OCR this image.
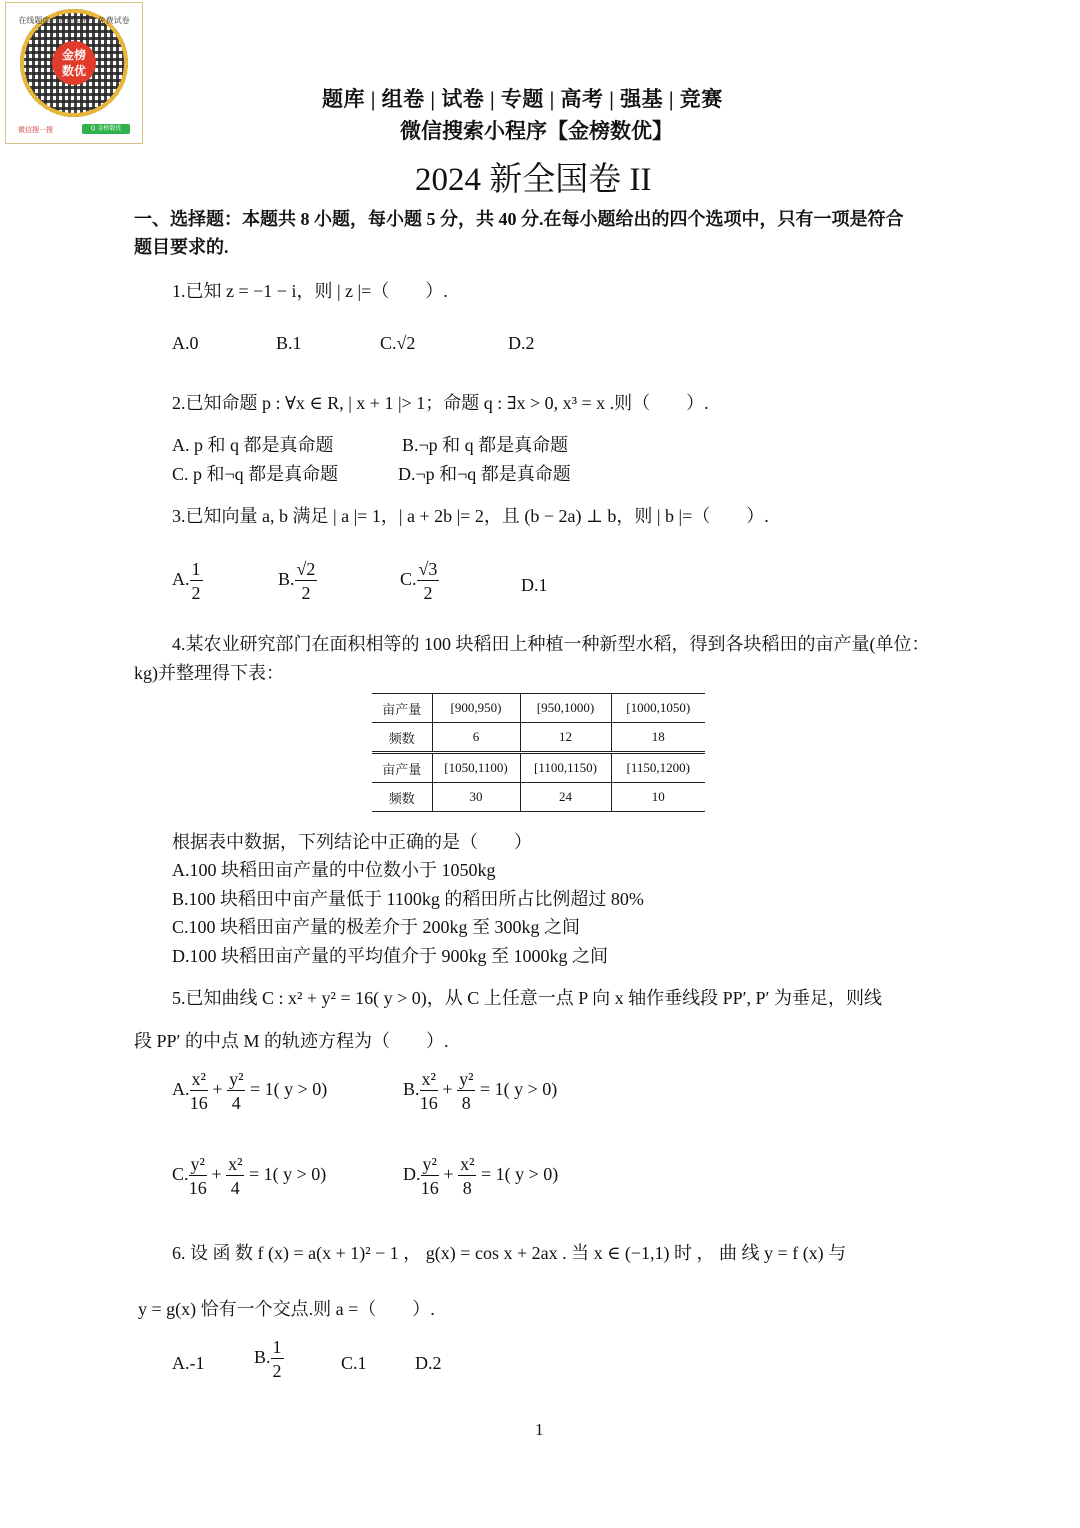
在线题库 · 智能组卷 · 免费试卷
金榜
数优
微信搜一搜	Q 金榜数优
题库 | 组卷 | 试卷 | 专题 | 高考 | 强基 | 竞赛
微信搜索小程序【金榜数优】
2024 新全国卷 II
一、选择题：本题共 8 小题，每小题 5 分，共 40 分.在每小题给出的四个选项中，只有一项是符合
题目要求的.
1.已知 z = −1 − i，则 | z |=（　　）.
A.0	B.1	C.√2	D.2
2.已知命题 p : ∀x ∈ R, | x + 1 |> 1；命题 q : ∃x > 0, x³ = x .则（　　）.
A. p 和 q 都是真命题	B.¬p 和 q 都是真命题
C. p 和¬q 都是真命题	D.¬p 和¬q 都是真命题
3.已知向量 a, b 满足 | a |= 1，| a + 2b |= 2，且 (b − 2a) ⊥ b，则 | b |=（　　）.
A. $\frac{1}{2}$	B. $\frac{√2}{2}$	C. $\frac{√3}{2}$	D.1
4.某农业研究部门在面积相等的 100 块稻田上种植一种新型水稻，得到各块稻田的亩产量(单位：
kg)并整理得下表：
亩产量	[900,950)	[950,1000)	[1000,1050)
频数	6	12	18
亩产量	[1050,1100)	[1100,1150)	[1150,1200)
频数	30	24	10
根据表中数据，下列结论中正确的是（　　）
A.100 块稻田亩产量的中位数小于 1050kg
B.100 块稻田中亩产量低于 1100kg 的稻田所占比例超过 80%
C.100 块稻田亩产量的极差介于 200kg 至 300kg 之间
D.100 块稻田亩产量的平均值介于 900kg 至 1000kg 之间
5.已知曲线 C : x² + y² = 16( y > 0)，从 C 上任意一点 P 向 x 轴作垂线段 PP′, P′ 为垂足，则线
段 PP′ 的中点 M 的轨迹方程为（　　）.
A. $\frac{\text{x²}}{16} + \frac{\text{y²}}{4} = 1$( y > 0)	B. $\frac{\text{x²}}{16} + \frac{\text{y²}}{8} = 1$( y > 0)
C. $\frac{\text{y²}}{16} + \frac{\text{x²}}{4} = 1$( y > 0)	D. $\frac{\text{y²}}{16} + \frac{\text{x²}}{8} = 1$( y > 0)
6. 设 函 数 f (x) = a(x + 1)² − 1 ， g(x) = cos x + 2ax . 当 x ∈ (−1,1) 时 ， 曲 线 y = f (x) 与
y = g(x) 恰有一个交点.则 a =（　　）.
A.-1	B. $\frac{1}{2}$	C.1	D.2
1
